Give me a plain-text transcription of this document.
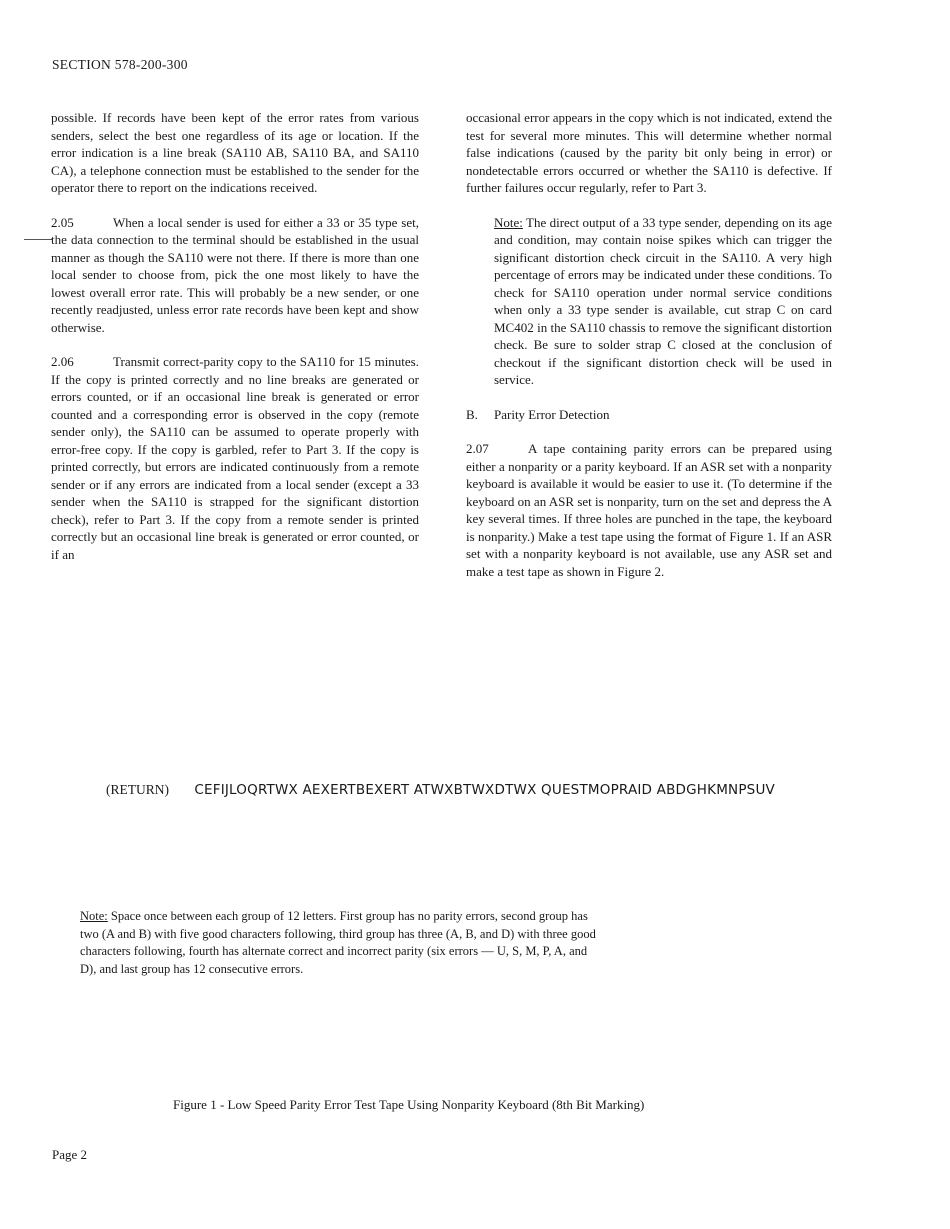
SECTION 578-200-300

possible. If records have been kept of the error rates from various senders, select the best one regardless of its age or location. If the error indication is a line break (SA110 AB, SA110 BA, and SA110 CA), a telephone connection must be established to the sender for the operator there to report on the indications received.

2.05	When a local sender is used for either a 33 or 35 type set, the data connection to the terminal should be established in the usual manner as though the SA110 were not there. If there is more than one local sender to choose from, pick the one most likely to have the lowest overall error rate. This will probably be a new sender, or one recently readjusted, unless error rate records have been kept and show otherwise.

2.06	Transmit correct-parity copy to the SA110 for 15 minutes. If the copy is printed correctly and no line breaks are generated or errors counted, or if an occasional line break is generated or error counted and a corresponding error is observed in the copy (remote sender only), the SA110 can be assumed to operate properly with error-free copy. If the copy is garbled, refer to Part 3. If the copy is printed correctly, but errors are indicated continuously from a remote sender or if any errors are indicated from a local sender (except a 33 sender when the SA110 is strapped for the significant distortion check), refer to Part 3. If the copy from a remote sender is printed correctly but an occasional line break is generated or error counted, or if an

occasional error appears in the copy which is not indicated, extend the test for several more minutes. This will determine whether normal false indications (caused by the parity bit only being in error) or nondetectable errors occurred or whether the SA110 is defective. If further failures occur regularly, refer to Part 3.

Note: The direct output of a 33 type sender, depending on its age and condition, may contain noise spikes which can trigger the significant distortion check circuit in the SA110. A very high percentage of errors may be indicated under these conditions. To check for SA110 operation under normal service conditions when only a 33 type sender is available, cut strap C on card MC402 in the SA110 chassis to remove the significant distortion check. Be sure to solder strap C closed at the conclusion of checkout if the significant distortion check will be used in service.

B. Parity Error Detection

2.07	A tape containing parity errors can be prepared using either a nonparity or a parity keyboard. If an ASR set with a nonparity keyboard is available it would be easier to use it. (To determine if the keyboard on an ASR set is nonparity, turn on the set and depress the A key several times. If three holes are punched in the tape, the keyboard is nonparity.) Make a test tape using the format of Figure 1. If an ASR set with a nonparity keyboard is not available, use any ASR set and make a test tape as shown in Figure 2.

(RETURN) CEFIJLOQRTWX AEXERTBEXERT ATWXBTWXDTWX QUESTMOPRAID ABDGHKMNPSUV
Note: Space once between each group of 12 letters. First group has no parity errors, second group has two (A and B) with five good characters following, third group has three (A, B, and D) with three good characters following, fourth has alternate correct and incorrect parity (six errors — U, S, M, P, A, and D), and last group has 12 consecutive errors.
Figure 1 - Low Speed Parity Error Test Tape Using Nonparity Keyboard (8th Bit Marking)
Page 2
